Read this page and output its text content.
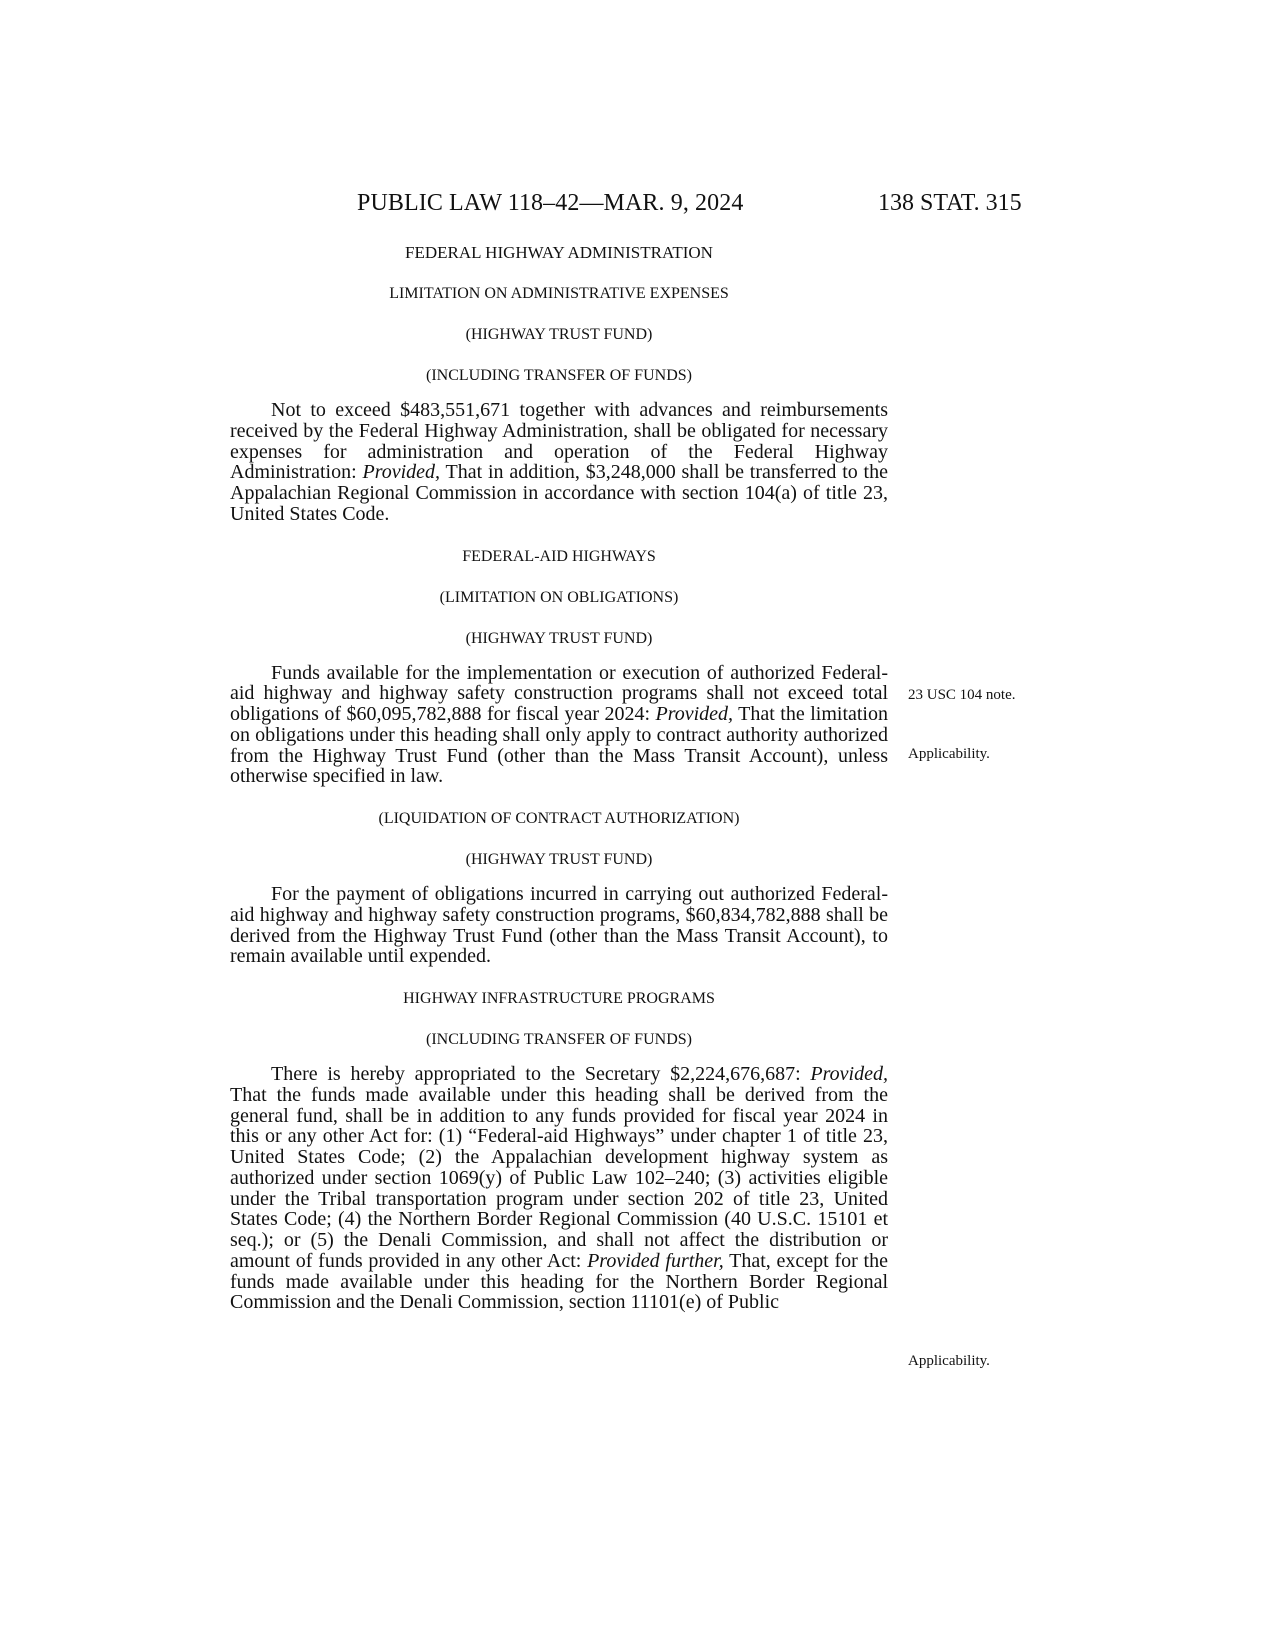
PUBLIC LAW 118–42—MAR. 9, 2024	138 STAT. 315
FEDERAL HIGHWAY ADMINISTRATION
LIMITATION ON ADMINISTRATIVE EXPENSES
(HIGHWAY TRUST FUND)
(INCLUDING TRANSFER OF FUNDS)

Not to exceed $483,551,671 together with advances and reimbursements received by the Federal Highway Administration, shall be obligated for necessary expenses for administration and operation of the Federal Highway Administration: Provided, That in addition, $3,248,000 shall be transferred to the Appalachian Regional Commission in accordance with section 104(a) of title 23, United States Code.

FEDERAL-AID HIGHWAYS
(LIMITATION ON OBLIGATIONS)
(HIGHWAY TRUST FUND)

Funds available for the implementation or execution of authorized Federal-aid highway and highway safety construction programs shall not exceed total obligations of $60,095,782,888 for fiscal year 2024: Provided, That the limitation on obligations under this heading shall only apply to contract authority authorized from the Highway Trust Fund (other than the Mass Transit Account), unless otherwise specified in law.

(LIQUIDATION OF CONTRACT AUTHORIZATION)
(HIGHWAY TRUST FUND)

For the payment of obligations incurred in carrying out authorized Federal-aid highway and highway safety construction programs, $60,834,782,888 shall be derived from the Highway Trust Fund (other than the Mass Transit Account), to remain available until expended.

HIGHWAY INFRASTRUCTURE PROGRAMS
(INCLUDING TRANSFER OF FUNDS)

There is hereby appropriated to the Secretary $2,224,676,687: Provided, That the funds made available under this heading shall be derived from the general fund, shall be in addition to any funds provided for fiscal year 2024 in this or any other Act for: (1) “Federal-aid Highways” under chapter 1 of title 23, United States Code; (2) the Appalachian development highway system as authorized under section 1069(y) of Public Law 102–240; (3) activities eligible under the Tribal transportation program under section 202 of title 23, United States Code; (4) the Northern Border Regional Commission (40 U.S.C. 15101 et seq.); or (5) the Denali Commission, and shall not affect the distribution or amount of funds provided in any other Act: Provided further, That, except for the funds made available under this heading for the Northern Border Regional Commission and the Denali Commission, section 11101(e) of Public

23 USC 104 note.
Applicability.
Applicability.
